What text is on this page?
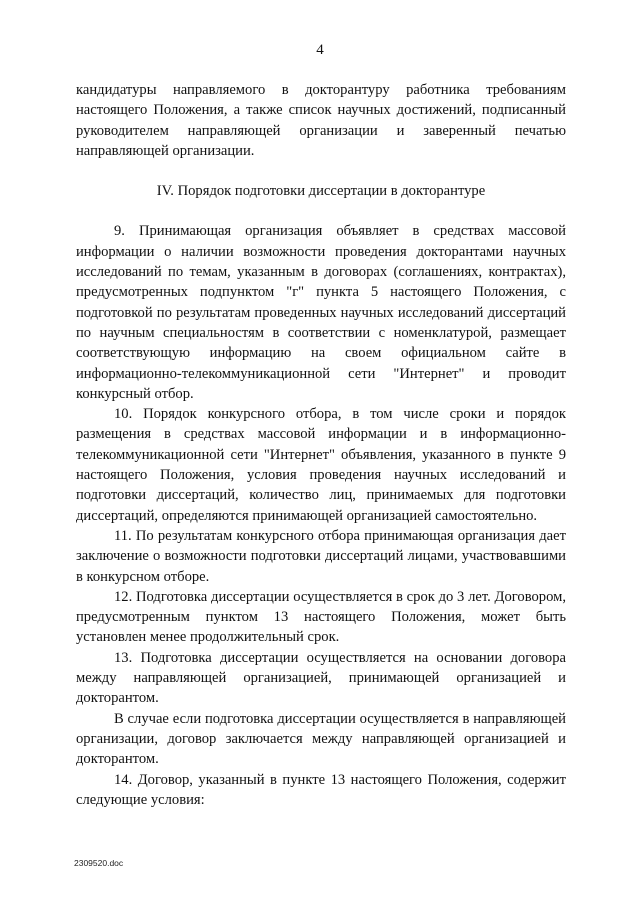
4

кандидатуры направляемого в докторантуру работника требованиям настоящего Положения, а также список научных достижений, подписанный руководителем направляющей организации и заверенный печатью направляющей организации.

IV. Порядок подготовки диссертации в докторантуре

9. Принимающая организация объявляет в средствах массовой информации о наличии возможности проведения докторантами научных исследований по темам, указанным в договорах (соглашениях, контрактах), предусмотренных подпунктом "г" пункта 5 настоящего Положения, с подготовкой по результатам проведенных научных исследований диссертаций по научным специальностям в соответствии с номенклатурой, размещает соответствующую информацию на своем официальном сайте в информационно-телекоммуникационной сети "Интернет" и проводит конкурсный отбор.

10. Порядок конкурсного отбора, в том числе сроки и порядок размещения в средствах массовой информации и в информационно-телекоммуникационной сети "Интернет" объявления, указанного в пункте 9 настоящего Положения, условия проведения научных исследований и подготовки диссертаций, количество лиц, принимаемых для подготовки диссертаций, определяются принимающей организацией самостоятельно.

11. По результатам конкурсного отбора принимающая организация дает заключение о возможности подготовки диссертаций лицами, участвовавшими в конкурсном отборе.

12. Подготовка диссертации осуществляется в срок до 3 лет. Договором, предусмотренным пунктом 13 настоящего Положения, может быть установлен менее продолжительный срок.

13. Подготовка диссертации осуществляется на основании договора между направляющей организацией, принимающей организацией и докторантом.

В случае если подготовка диссертации осуществляется в направляющей организации, договор заключается между направляющей организацией и докторантом.

14. Договор, указанный в пункте 13 настоящего Положения, содержит следующие условия:

2309520.doc
